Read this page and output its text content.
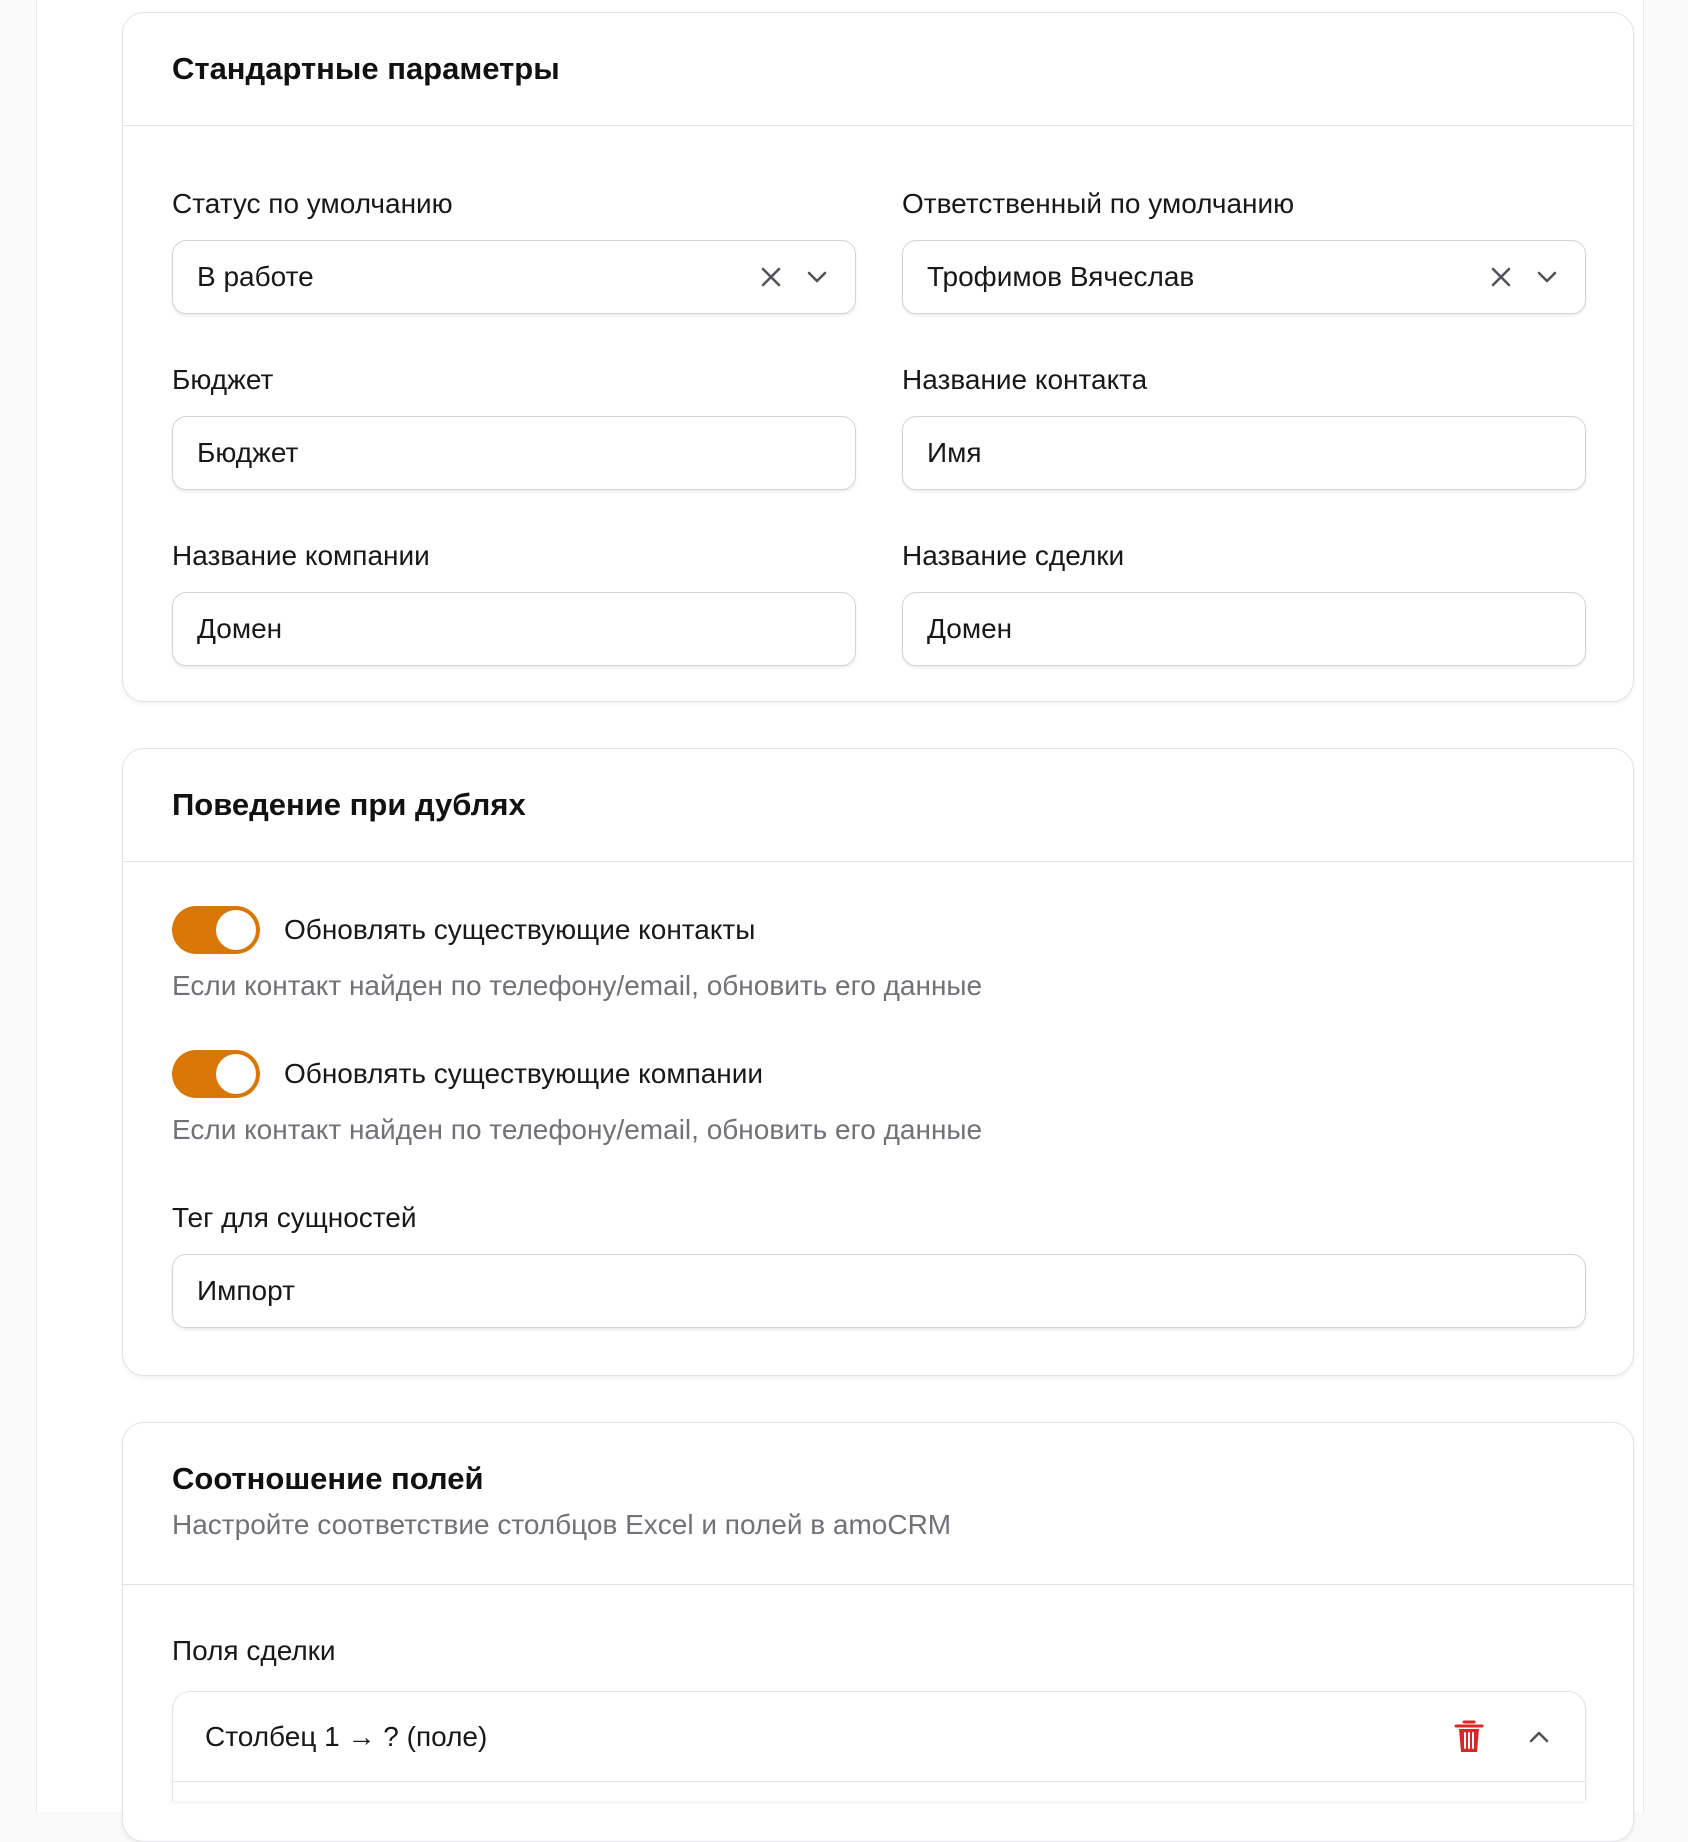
Стандартные параметры
Статус по умолчанию
В работе
Ответственный по умолчанию
Трофимов Вячеслав
Бюджет
Бюджет	Название контакта
Имя
Название компании
Домен	Название сделки
Домен
Поведение при дублях
Обновлять существующие контакты
Если контакт найден по телефону/email, обновить его данные
Обновлять существующие компании
Если контакт найден по телефону/email, обновить его данные
Тег для сущностей
Импорт
Соотношение полей

Настройте соответствие столбцов Excel и полей в amoCRM

Поля сделки
Столбец 1 → ? (поле)
